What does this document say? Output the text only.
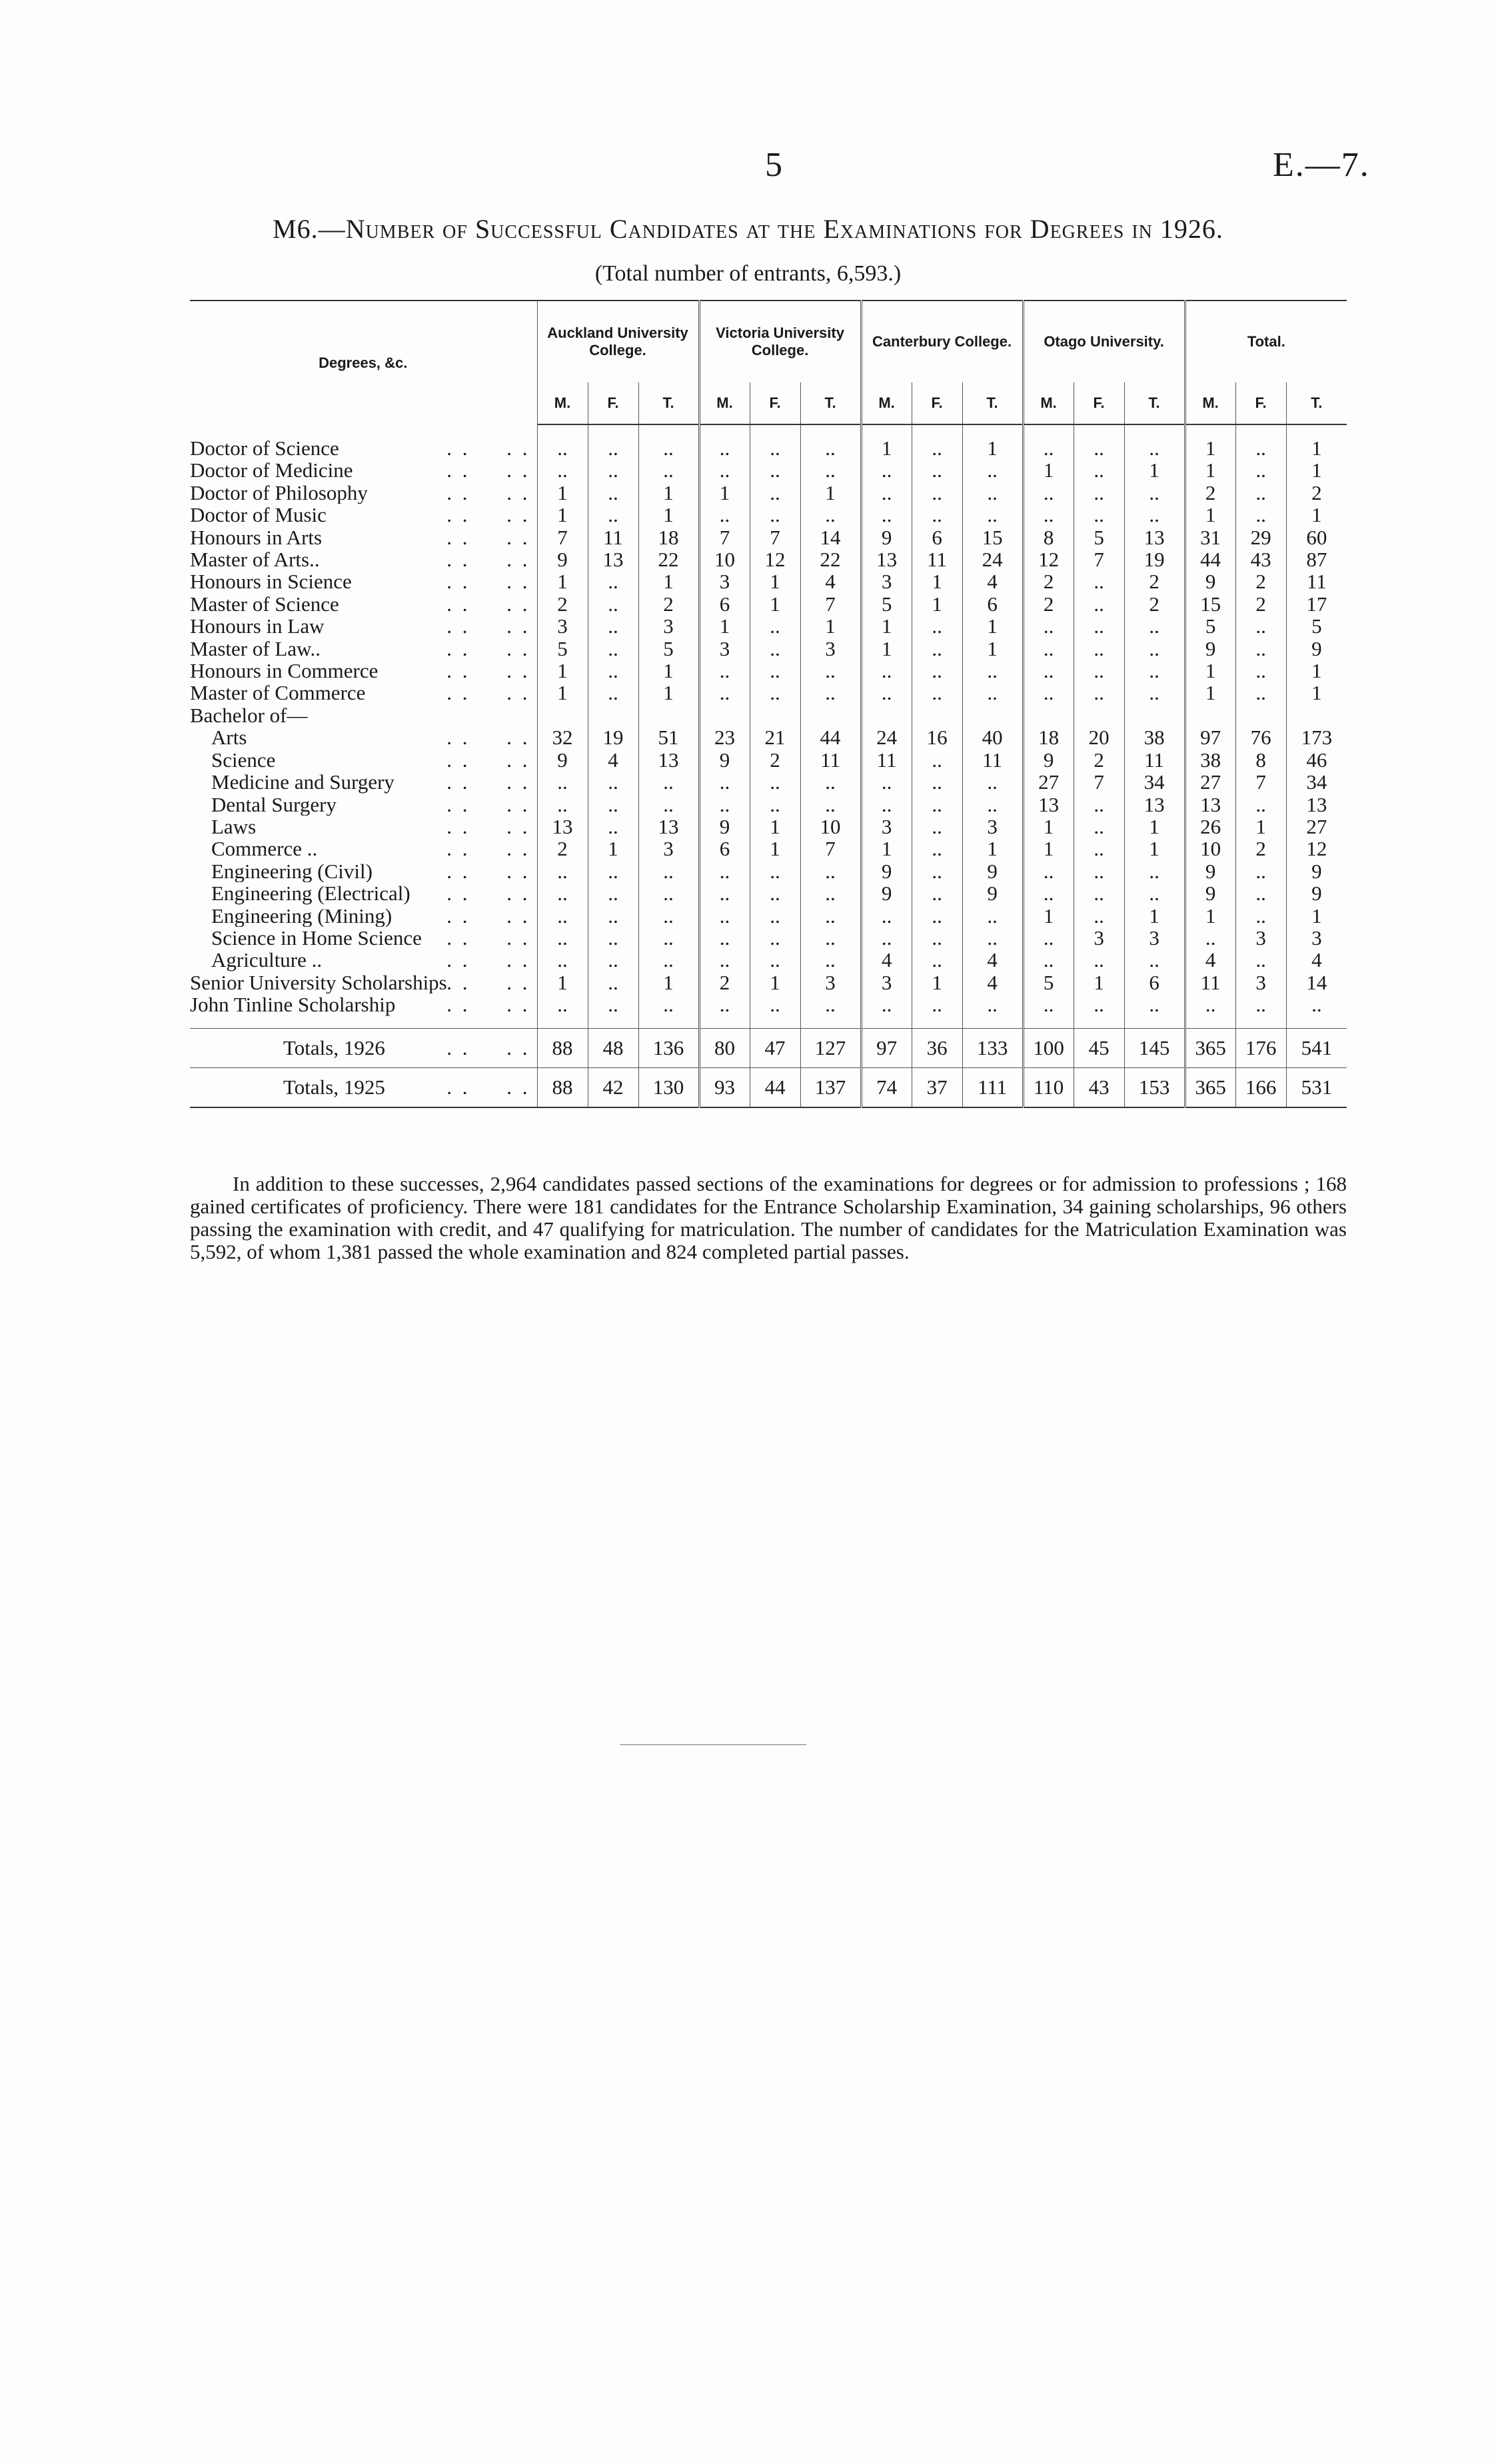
5	E.—7.
M6.—Number of Successful Candidates at the Examinations for Degrees in 1926.
(Total number of entrants, 6,593.)
Degrees, &c.	Auckland University College.			Victoria University College.			Canterbury College.			Otago University.			Total.		
	M.	F.	T.	M.	F.	T.	M.	F.	T.	M.	F.	T.	M.	F.	T.

Doctor of Science . . . .	..	..	..	..	..	..	1	..	1	..	..	..	1	..	1
Doctor of Medicine . . . .	..	..	..	..	..	..	..	..	..	1	..	1	1	..	1
Doctor of Philosophy . . . .	1	..	1	1	..	1	..	..	..	..	..	..	2	..	2
Doctor of Music . . . .	1	..	1	..	..	..	..	..	..	..	..	..	1	..	1
Honours in Arts . . . .	7	11	18	7	7	14	9	6	15	8	5	13	31	29	60
Master of Arts.. . . . .	9	13	22	10	12	22	13	11	24	12	7	19	44	43	87
Honours in Science . . . .	1	..	1	3	1	4	3	1	4	2	..	2	9	2	11
Master of Science . . . .	2	..	2	6	1	7	5	1	6	2	..	2	15	2	17
Honours in Law . . . .	3	..	3	1	..	1	1	..	1	..	..	..	5	..	5
Master of Law.. . . . .	5	..	5	3	..	3	1	..	1	..	..	..	9	..	9
Honours in Commerce . . . .	1	..	1	..	..	..	..	..	..	..	..	..	1	..	1
Master of Commerce . . . .	1	..	1	..	..	..	..	..	..	..	..	..	1	..	1
Bachelor of—															
Arts . . . .	32	19	51	23	21	44	24	16	40	18	20	38	97	76	173
Science . . . .	9	4	13	9	2	11	11	..	11	9	2	11	38	8	46
Medicine and Surgery . . . .	..	..	..	..	..	..	..	..	..	27	7	34	27	7	34
Dental Surgery . . . .	..	..	..	..	..	..	..	..	..	13	..	13	13	..	13
Laws . . . .	13	..	13	9	1	10	3	..	3	1	..	1	26	1	27
Commerce .. . . . .	2	1	3	6	1	7	1	..	1	1	..	1	10	2	12
Engineering (Civil) . . . .	..	..	..	..	..	..	9	..	9	..	..	..	9	..	9
Engineering (Electrical) . . . .	..	..	..	..	..	..	9	..	9	..	..	..	9	..	9
Engineering (Mining) . . . .	..	..	..	..	..	..	..	..	..	1	..	1	1	..	1
Science in Home Science . . . .	..	..	..	..	..	..	..	..	..	..	3	3	..	3	3
Agriculture .. . . . .	..	..	..	..	..	..	4	..	4	..	..	..	4	..	4
Senior University Scholarships . . . .	1	..	1	2	1	3	3	1	4	5	1	6	11	3	14
John Tinline Scholarship . . . .	..	..	..	..	..	..	..	..	..	..	..	..	..	..	..

Totals, 1926 . . . .	88	48	136	80	47	127	97	36	133	100	45	145	365	176	541
Totals, 1925 . . . .	88	42	130	93	44	137	74	37	111	110	43	153	365	166	531

In addition to these successes, 2,964 candidates passed sections of the examinations for degrees or for admission to professions ; 168 gained certificates of proficiency. There were 181 candidates for the Entrance Scholarship Examination, 34 gaining scholarships, 96 others passing the examination with credit, and 47 qualifying for matriculation. The number of candidates for the Matriculation Examination was 5,592, of whom 1,381 passed the whole examination and 824 completed partial passes.
